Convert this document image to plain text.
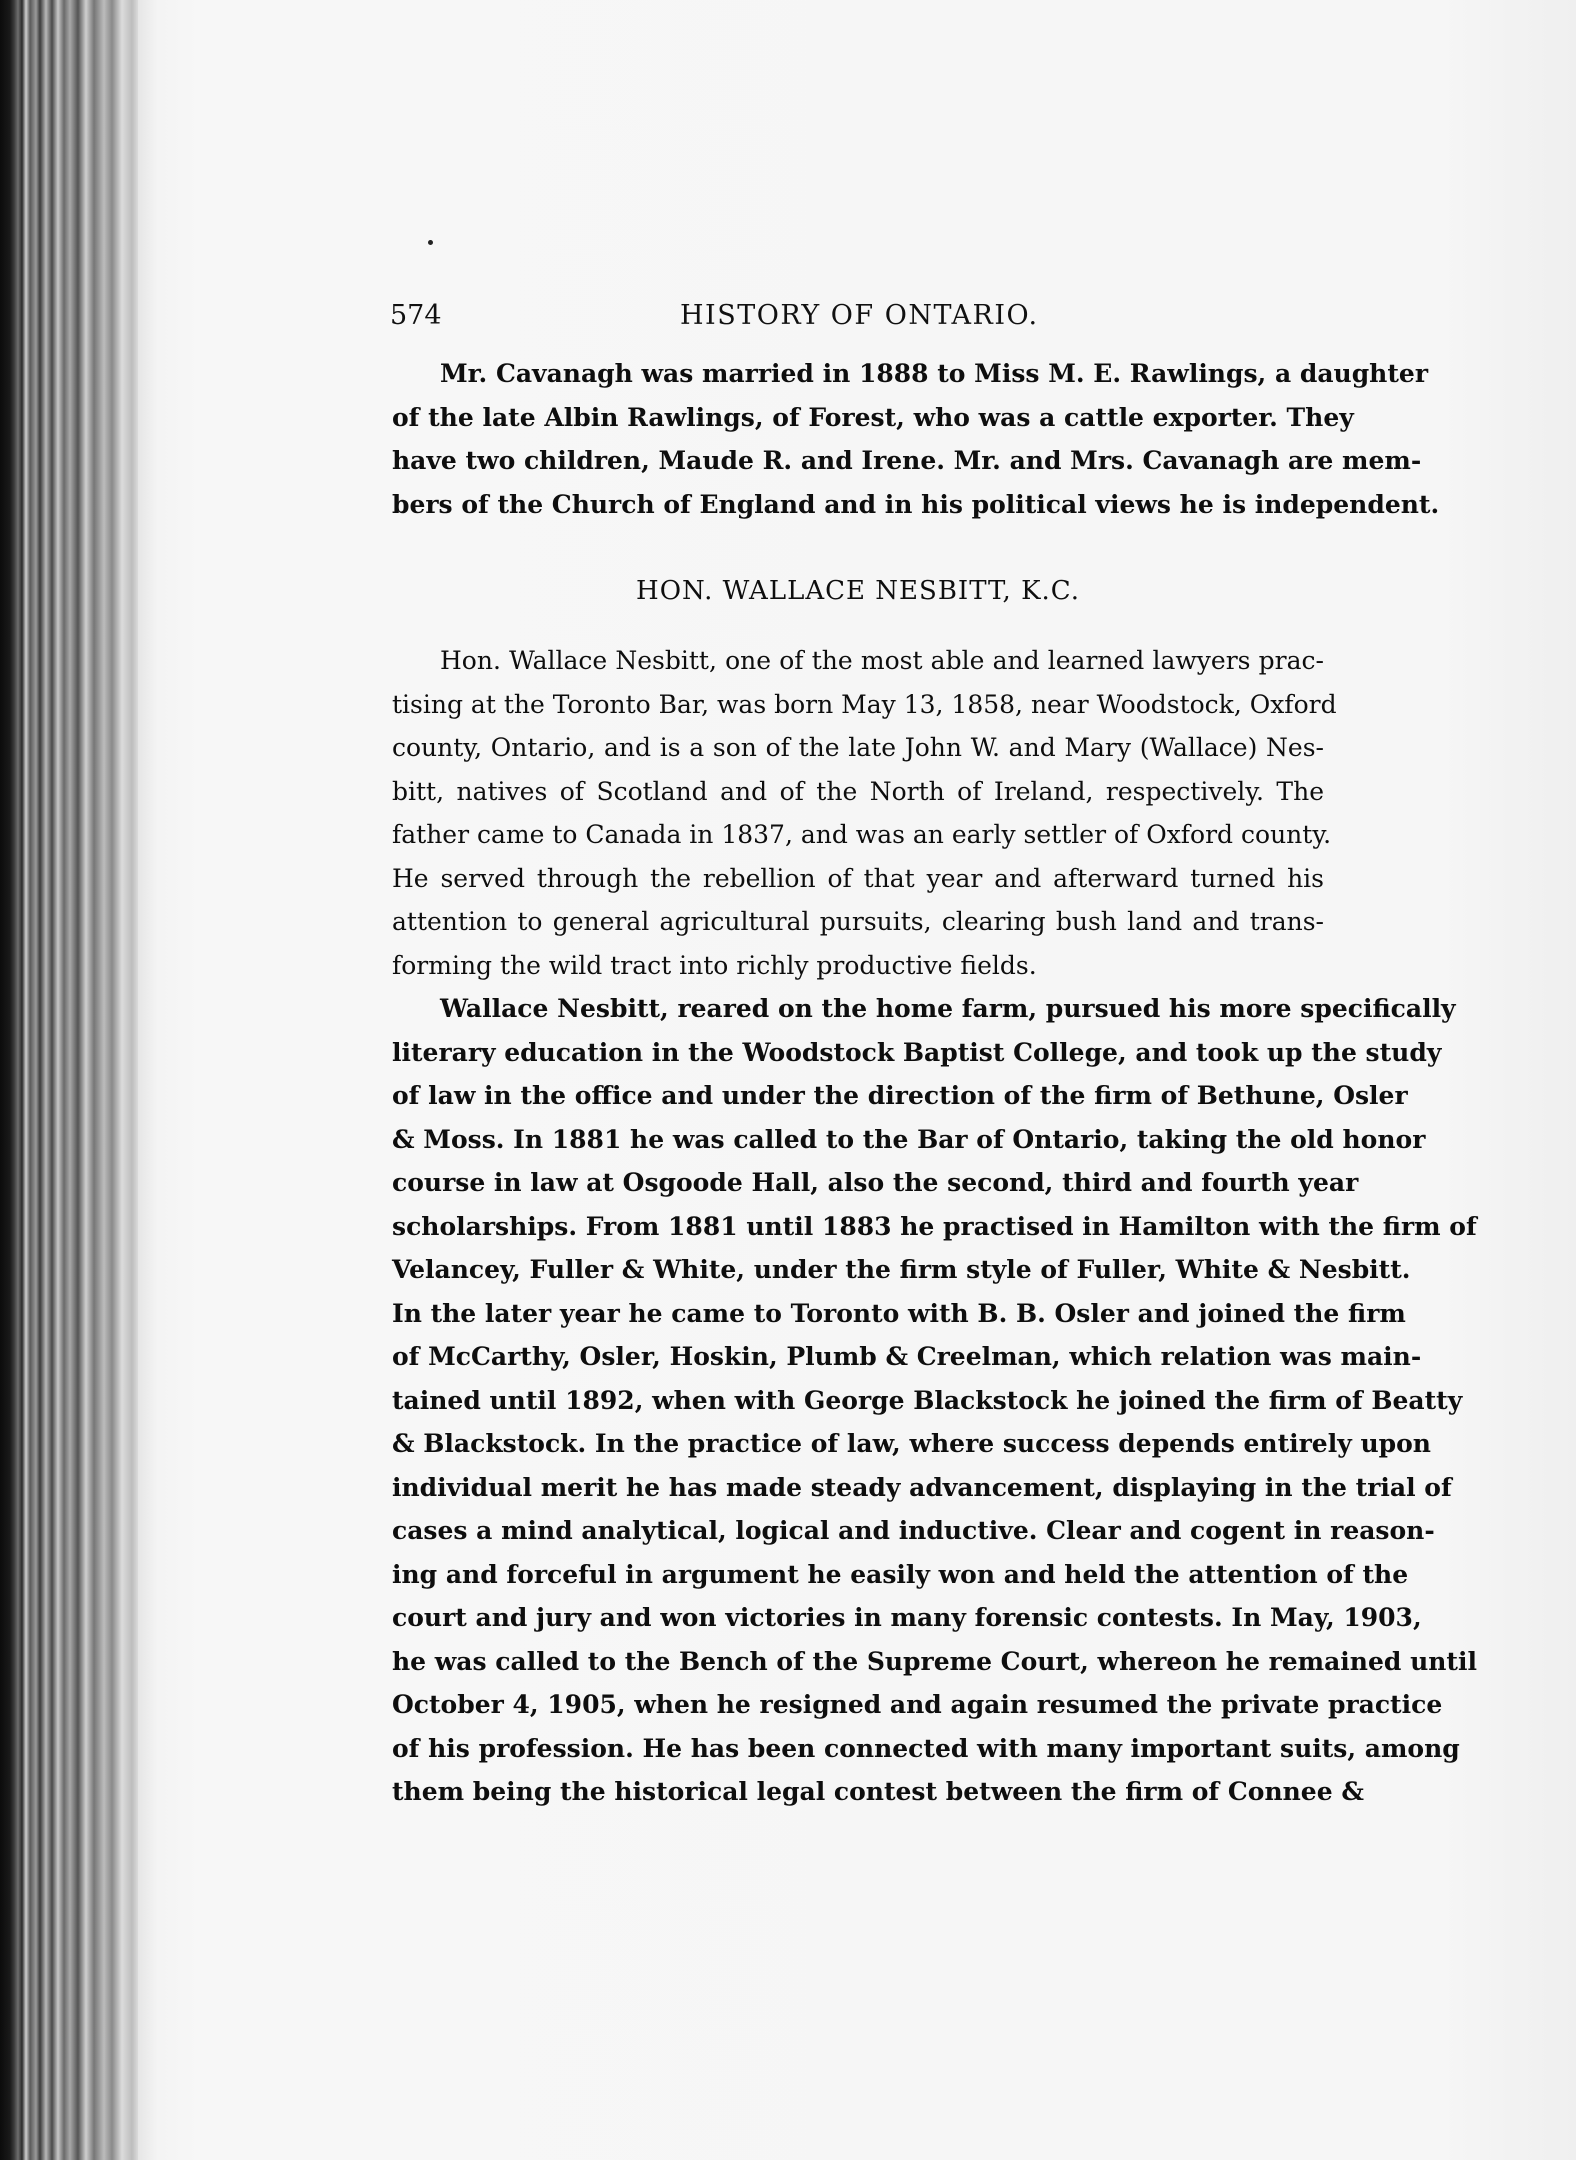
574	HISTORY OF ONTARIO.
Mr. Cavanagh was married in 1888 to Miss M. E. Rawlings, a daughter
of the late Albin Rawlings, of Forest, who was a cattle exporter. They
have two children, Maude R. and Irene. Mr. and Mrs. Cavanagh are mem-
bers of the Church of England and in his political views he is independent.
HON. WALLACE NESBITT, K.C.
Hon. Wallace Nesbitt, one of the most able and learned lawyers prac-
tising at the Toronto Bar, was born May 13, 1858, near Woodstock, Oxford
county, Ontario, and is a son of the late John W. and Mary (Wallace) Nes-
bitt, natives of Scotland and of the North of Ireland, respectively. The
father came to Canada in 1837, and was an early settler of Oxford county.
He served through the rebellion of that year and afterward turned his
attention to general agricultural pursuits, clearing bush land and trans-
forming the wild tract into richly productive fields.
Wallace Nesbitt, reared on the home farm, pursued his more specifically
literary education in the Woodstock Baptist College, and took up the study
of law in the office and under the direction of the firm of Bethune, Osler
& Moss. In 1881 he was called to the Bar of Ontario, taking the old honor
course in law at Osgoode Hall, also the second, third and fourth year
scholarships. From 1881 until 1883 he practised in Hamilton with the firm of
Velancey, Fuller & White, under the firm style of Fuller, White & Nesbitt.
In the later year he came to Toronto with B. B. Osler and joined the firm
of McCarthy, Osler, Hoskin, Plumb & Creelman, which relation was main-
tained until 1892, when with George Blackstock he joined the firm of Beatty
& Blackstock. In the practice of law, where success depends entirely upon
individual merit he has made steady advancement, displaying in the trial of
cases a mind analytical, logical and inductive. Clear and cogent in reason-
ing and forceful in argument he easily won and held the attention of the
court and jury and won victories in many forensic contests. In May, 1903,
he was called to the Bench of the Supreme Court, whereon he remained until
October 4, 1905, when he resigned and again resumed the private practice
of his profession. He has been connected with many important suits, among
them being the historical legal contest between the firm of Connee &
